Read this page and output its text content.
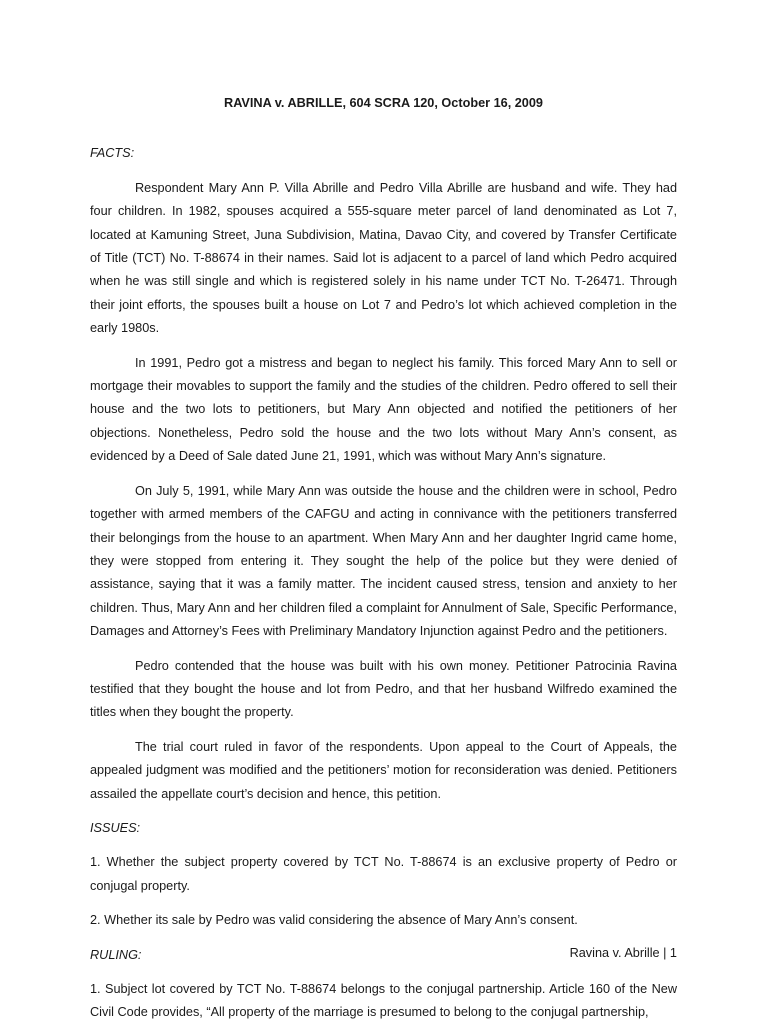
RAVINA v. ABRILLE, 604 SCRA 120, October 16, 2009
FACTS:
Respondent Mary Ann P. Villa Abrille and Pedro Villa Abrille are husband and wife. They had four children. In 1982, spouses acquired a 555-square meter parcel of land denominated as Lot 7, located at Kamuning Street, Juna Subdivision, Matina, Davao City, and covered by Transfer Certificate of Title (TCT) No. T-88674 in their names. Said lot is adjacent to a parcel of land which Pedro acquired when he was still single and which is registered solely in his name under TCT No. T-26471. Through their joint efforts, the spouses built a house on Lot 7 and Pedro’s lot which achieved completion in the early 1980s.
In 1991, Pedro got a mistress and began to neglect his family. This forced Mary Ann to sell or mortgage their movables to support the family and the studies of the children. Pedro offered to sell their house and the two lots to petitioners, but Mary Ann objected and notified the petitioners of her objections. Nonetheless, Pedro sold the house and the two lots without Mary Ann’s consent, as evidenced by a Deed of Sale dated June 21, 1991, which was without Mary Ann’s signature.
On July 5, 1991, while Mary Ann was outside the house and the children were in school, Pedro together with armed members of the CAFGU and acting in connivance with the petitioners transferred their belongings from the house to an apartment. When Mary Ann and her daughter Ingrid came home, they were stopped from entering it. They sought the help of the police but they were denied of assistance, saying that it was a family matter. The incident caused stress, tension and anxiety to her children. Thus, Mary Ann and her children filed a complaint for Annulment of Sale, Specific Performance, Damages and Attorney’s Fees with Preliminary Mandatory Injunction against Pedro and the petitioners.
Pedro contended that the house was built with his own money. Petitioner Patrocinia Ravina testified that they bought the house and lot from Pedro, and that her husband Wilfredo examined the titles when they bought the property.
The trial court ruled in favor of the respondents. Upon appeal to the Court of Appeals, the appealed judgment was modified and the petitioners’ motion for reconsideration was denied. Petitioners assailed the appellate court’s decision and hence, this petition.
ISSUES:
1. Whether the subject property covered by TCT No. T-88674 is an exclusive property of Pedro or conjugal property.
2. Whether its sale by Pedro was valid considering the absence of Mary Ann’s consent.
RULING:
1. Subject lot covered by TCT No. T-88674 belongs to the conjugal partnership. Article 160 of the New Civil Code provides, “All property of the marriage is presumed to belong to the conjugal partnership,
Ravina v. Abrille | 1
